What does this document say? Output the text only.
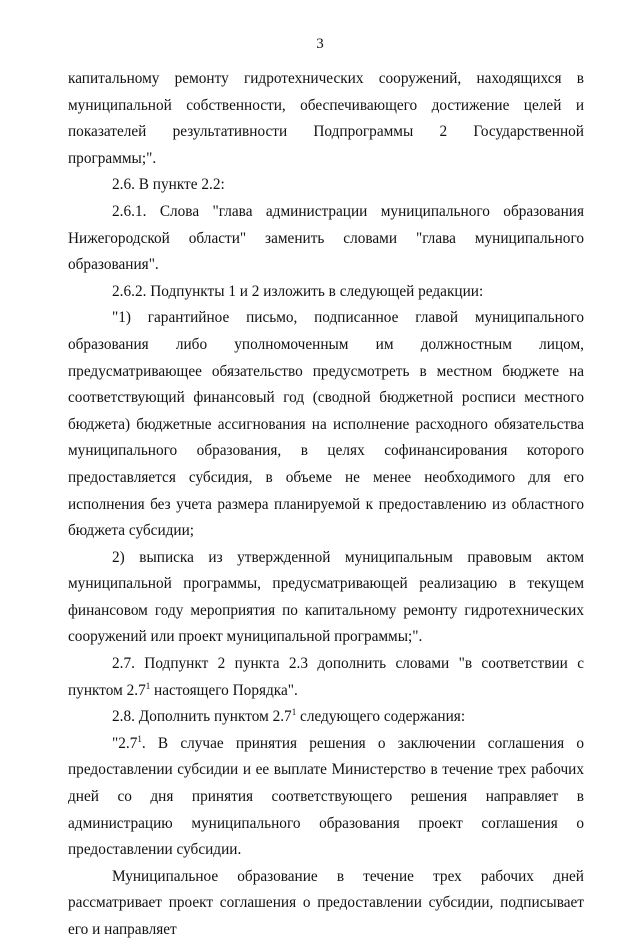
3

капитальному ремонту гидротехнических сооружений, находящихся в муниципальной собственности, обеспечивающего достижение целей и показателей результативности Подпрограммы 2 Государственной программы;".

2.6. В пункте 2.2:

2.6.1. Слова "глава администрации муниципального образования Нижегородской области" заменить словами "глава муниципального образования".

2.6.2. Подпункты 1 и 2 изложить в следующей редакции:

"1) гарантийное письмо, подписанное главой муниципального образования либо уполномоченным им должностным лицом, предусматривающее обязательство предусмотреть в местном бюджете на соответствующий финансовый год (сводной бюджетной росписи местного бюджета) бюджетные ассигнования на исполнение расходного обязательства муниципального образования, в целях софинансирования которого предоставляется субсидия, в объеме не менее необходимого для его исполнения без учета размера планируемой к предоставлению из областного бюджета субсидии;

2) выписка из утвержденной муниципальным правовым актом муниципальной программы, предусматривающей реализацию в текущем финансовом году мероприятия по капитальному ремонту гидротехнических сооружений или проект муниципальной программы;".

2.7. Подпункт 2 пункта 2.3 дополнить словами "в соответствии с пунктом $2.7^1$ настоящего Порядка".

2.8. Дополнить пунктом $2.7^1$ следующего содержания:

"$2.7^1$. В случае принятия решения о заключении соглашения о предоставлении субсидии и ее выплате Министерство в течение трех рабочих дней со дня принятия соответствующего решения направляет в администрацию муниципального образования проект соглашения о предоставлении субсидии.

Муниципальное образование в течение трех рабочих дней рассматривает проект соглашения о предоставлении субсидии, подписывает его и направляет
